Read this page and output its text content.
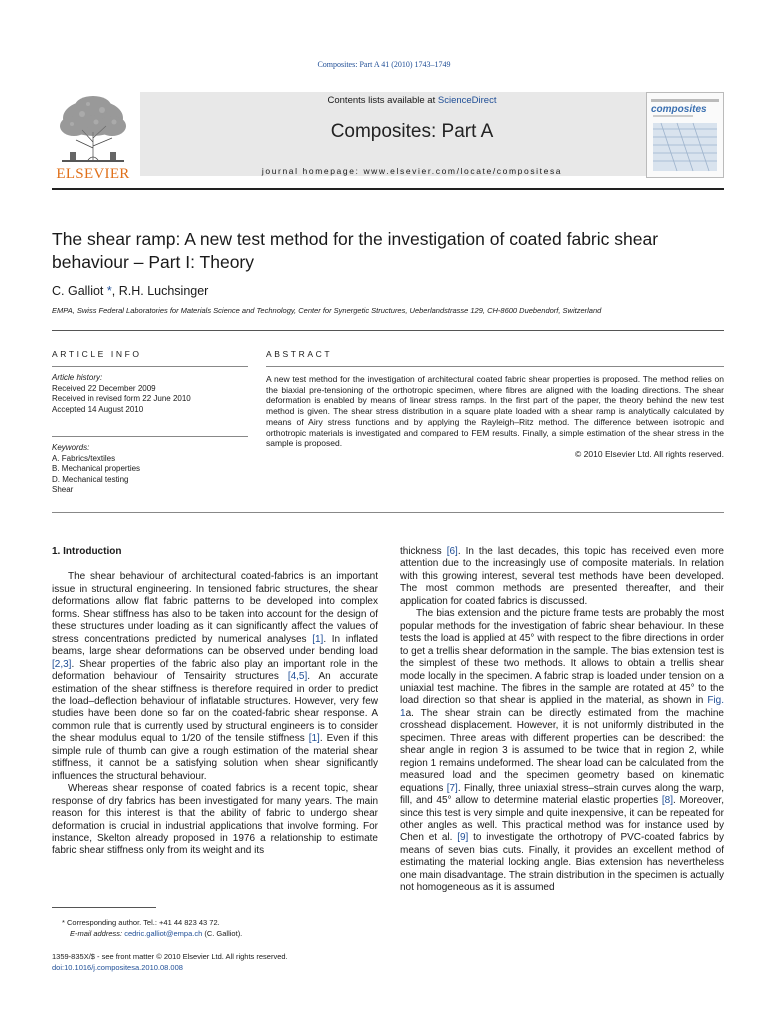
Composites: Part A 41 (2010) 1743–1749
ELSEVIER
Contents lists available at ScienceDirect
Composites: Part A
journal homepage: www.elsevier.com/locate/compositesa
composites
The shear ramp: A new test method for the investigation of coated fabric shear behaviour – Part I: Theory
C. Galliot *, R.H. Luchsinger
EMPA, Swiss Federal Laboratories for Materials Science and Technology, Center for Synergetic Structures, Ueberlandstrasse 129, CH-8600 Duebendorf, Switzerland
ARTICLE INFO	ABSTRACT
Article history:
Received 22 December 2009
Received in revised form 22 June 2010
Accepted 14 August 2010
Keywords:
A. Fabrics/textiles
B. Mechanical properties
D. Mechanical testing
Shear
A new test method for the investigation of architectural coated fabric shear properties is proposed. The method relies on the biaxial pre-tensioning of the orthotropic specimen, where fibres are aligned with the loading directions. The shear deformation is enabled by means of linear stress ramps. In the first part of the paper, the theory behind the new test method is given. The shear stress distribution in a square plate loaded with a shear ramp is analytically calculated by means of Airy stress functions and by applying the Rayleigh–Ritz method. The difference between isotropic and orthotropic materials is investigated and compared to FEM results. Finally, a simple estimation of the shear stress in the sample is proposed.
© 2010 Elsevier Ltd. All rights reserved.

1. Introduction

The shear behaviour of architectural coated-fabrics is an important issue in structural engineering. In tensioned fabric structures, the shear deformations allow flat fabric patterns to be developed into complex forms. Shear stiffness has also to be taken into account for the design of these structures under loading as it can significantly affect the values of stress concentrations predicted by numerical analyses [1]. In inflated beams, large shear deformations can be observed under bending load [2,3]. Shear properties of the fabric also play an important role in the deformation behaviour of Tensairity structures [4,5]. An accurate estimation of the shear stiffness is therefore required in order to predict the load–deflection behaviour of inflatable structures. However, very few studies have been done so far on the coated-fabric shear response. A common rule that is currently used by structural engineers is to consider the shear modulus equal to 1/20 of the tensile stiffness [1]. Even if this simple rule of thumb can give a rough estimation of the material shear stiffness, it cannot be a satisfying solution when shear significantly influences the structural behaviour.

Whereas shear response of coated fabrics is a recent topic, shear response of dry fabrics has been investigated for many years. The main reason for this interest is that the ability of fabric to undergo shear deformation is crucial in industrial applications that involve forming. For instance, Skelton already proposed in 1976 a relationship to estimate fabric shear stiffness only from its weight and its

thickness [6]. In the last decades, this topic has received even more attention due to the increasingly use of composite materials. In relation with this growing interest, several test methods have been developed. The most common methods are presented thereafter, and their application for coated fabrics is discussed.

The bias extension and the picture frame tests are probably the most popular methods for the investigation of fabric shear behaviour. In these tests the load is applied at 45° with respect to the fibre directions in order to get a trellis shear deformation in the sample. The bias extension test is the simplest of these two methods. It allows to obtain a trellis shear mode locally in the specimen. A fabric strap is loaded under tension on a uniaxial test machine. The fibres in the sample are rotated at 45° to the load direction so that shear is applied in the material, as shown in Fig. 1a. The shear strain can be directly estimated from the machine crosshead displacement. However, it is not uniformly distributed in the specimen. Three areas with different properties can be described: the shear angle in region 3 is assumed to be twice that in region 2, while region 1 remains undeformed. The shear load can be calculated from the measured load and the specimen geometry based on kinematic equations [7]. Finally, three uniaxial stress–strain curves along the warp, fill, and 45° allow to determine material elastic properties [8]. Moreover, since this test is very simple and quite inexpensive, it can be repeated for other angles as well. This practical method was for instance used by Chen et al. [9] to investigate the orthotropy of PVC-coated fabrics by means of seven bias cuts. Finally, it provides an excellent method of estimating the material locking angle. Bias extension has nevertheless one main disadvantage. The strain distribution in the specimen is actually not homogeneous as it is assumed

* Corresponding author. Tel.: +41 44 823 43 72.
E-mail address: cedric.galliot@empa.ch (C. Galliot).
1359-835X/$ - see front matter © 2010 Elsevier Ltd. All rights reserved.
doi:10.1016/j.compositesa.2010.08.008
